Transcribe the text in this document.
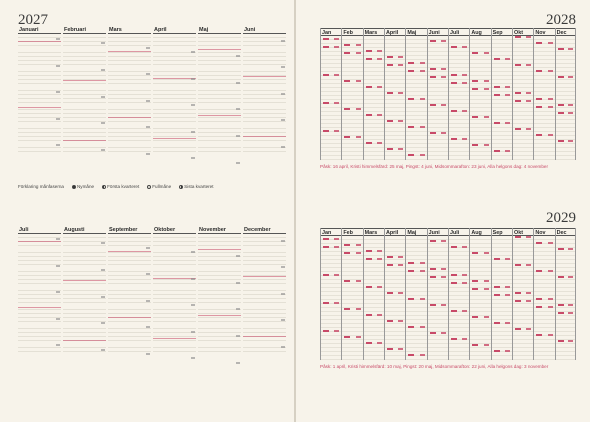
2027
Januari	Februari	Mars	April	Maj	Juni
Förklaring månfaserna	Nymåne	Första kvarteret	Fullmåne	Sista kvarteret
Juli	Augusti	September	Oktober	November	December
2028
Jan	Feb	Mars	April	Maj	Juni	Juli	Aug	Sep	Okt	Nov	Dec
Påsk: 16 april, Kristi himmelsfärd: 25 maj, Pingst: 4 juni, Midsommarafton: 23 juni, Alla helgons dag: 4 november
2029
Jan	Feb	Mars	April	Maj	Juni	Juli	Aug	Sep	Okt	Nov	Dec
Påsk: 1 april, Kristi himmelsfärd: 10 maj, Pingst: 20 maj, Midsommarafton: 22 juni, Alla helgons dag: 3 november
